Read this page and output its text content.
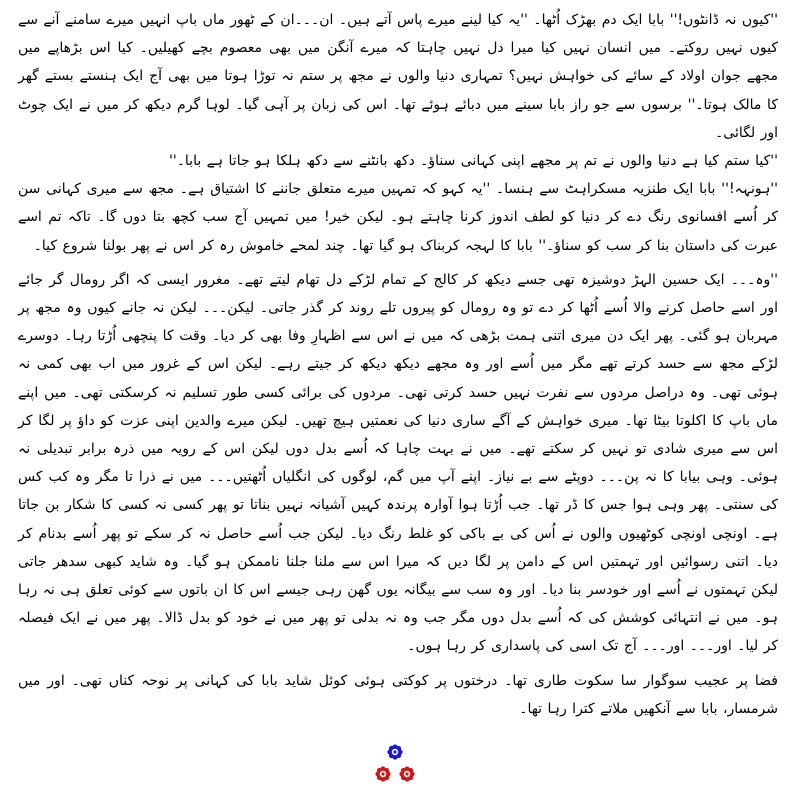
''کیوں نہ ڈانٹوں!'' بابا ایک دم بھڑک اُٹھا۔ ''یہ کیا لینے میرے پاس آتے ہیں۔ ان۔۔۔ان کے ٹھور ماں باپ انہیں میرے سامنے آنے سے کیوں نہیں روکتے۔ میں انسان نہیں کیا میرا دل نہیں چاہتا کہ میرے آنگن میں بھی معصوم بچے کھیلیں۔ کیا اس بڑھاپے میں مجھے جوان اولاد کے سائے کی خواہش نہیں؟ تمہاری دنیا والوں نے مجھ پر ستم نہ توڑا ہوتا میں بھی آج ایک ہنستے بستے گھر کا مالک ہوتا۔'' برسوں سے جو راز بابا سینے میں دبائے ہوئے تھا۔ اس کی زبان پر آہی گیا۔ لوہا گرم دیکھ کر میں نے ایک چوٹ اور لگائی۔

''کیا ستم کیا ہے دنیا والوں نے تم پر مجھے اپنی کہانی سناؤ۔ دکھ بانٹنے سے دکھ ہلکا ہو جاتا ہے بابا۔''

''ہونہہ!'' بابا ایک طنزیہ مسکراہٹ سے ہنسا۔ ''یہ کہو کہ تمہیں میرے متعلق جاننے کا اشتیاق ہے۔ مجھ سے میری کہانی سن کر اُسے افسانوی رنگ دے کر دنیا کو لطف اندوز کرنا چاہتے ہو۔ لیکن خیر! میں تمہیں آج سب کچھ بتا دوں گا۔ تاکہ تم اسے عبرت کی داستان بنا کر سب کو سناؤ۔'' بابا کا لہجہ کربناک ہو گیا تھا۔ چند لمحے خاموش رہ کر اس نے پھر بولنا شروع کیا۔

''وہ۔۔۔ ایک حسین الہڑ دوشیزہ تھی جسے دیکھ کر کالج کے تمام لڑکے دل تھام لیتے تھے۔ مغرور ایسی کہ اگر رومال گر جائے اور اسے حاصل کرنے والا اُسے اُٹھا کر دے تو وہ رومال کو پیروں تلے روند کر گذر جاتی۔ لیکن۔۔۔ لیکن نہ جانے کیوں وہ مجھ پر مہربان ہو گئی۔ پھر ایک دن میری اتنی ہمت بڑھی کہ میں نے اس سے اظہارِ وفا بھی کر دیا۔ وقت کا پنچھی اُڑتا رہا۔ دوسرے لڑکے مجھ سے حسد کرتے تھے مگر میں اُسے اور وہ مجھے دیکھ دیکھ کر جیتے رہے۔ لیکن اس کے غرور میں اب بھی کمی نہ ہوئی تھی۔ وہ دراصل مردوں سے نفرت نہیں حسد کرتی تھی۔ مردوں کی برائی کسی طور تسلیم نہ کرسکتی تھی۔ میں اپنے ماں باپ کا اکلوتا بیٹا تھا۔ میری خواہش کے آگے ساری دنیا کی نعمتیں ہیچ تھیں۔ لیکن میرے والدین اپنی عزت کو داؤ پر لگا کر اس سے میری شادی تو نہیں کر سکتے تھے۔ میں نے بہت چاہا کہ اُسے بدل دوں لیکن اس کے رویہ میں ذرہ برابر تبدیلی نہ ہوئی۔ وہی بیابا کا نہ پن۔۔۔ دوپٹے سے بے نیاز۔ اپنے آپ میں گم، لوگوں کی انگلیاں اُٹھتیں۔۔۔ میں نے ذرا تا مگر وہ کب کس کی سنتی۔ پھر وہی ہوا جس کا ڈر تھا۔ جب اُڑتا ہوا آوارہ پرندہ کہیں آشیانہ نہیں بناتا تو پھر کسی نہ کسی کا شکار بن جاتا ہے۔ اونچی اونچی کوٹھیوں والوں نے اُس کی بے باکی کو غلط رنگ دیا۔ لیکن جب اُسے حاصل نہ کر سکے تو پھر اُسے بدنام کر دیا۔ اتنی رسوائیں اور تہمتیں اس کے دامن پر لگا دیں کہ میرا اس سے ملنا جلنا ناممکن ہو گیا۔ وہ شاید کبھی سدھر جاتی لیکن تہمتوں نے اُسے اور خودسر بنا دیا۔ اور وہ سب سے بیگانہ یوں گھن رہی جیسے اس کا ان باتوں سے کوئی تعلق ہی نہ رہا ہو۔ میں نے انتہائی کوشش کی کہ اُسے بدل دوں مگر جب وہ نہ بدلی تو پھر میں نے خود کو بدل ڈالا۔ پھر میں نے ایک فیصلہ کر لیا۔ اور۔۔۔ اور۔۔۔ آج تک اسی کی پاسداری کر رہا ہوں۔

فضا پر عجیب سوگوار سا سکوت طاری تھا۔ درختوں پر کوکتی ہوئی کوئل شاید بابا کی کہانی پر نوحہ کناں تھی۔ اور میں شرمسار، بابا سے آنکھیں ملاتے کترا رہا تھا۔
